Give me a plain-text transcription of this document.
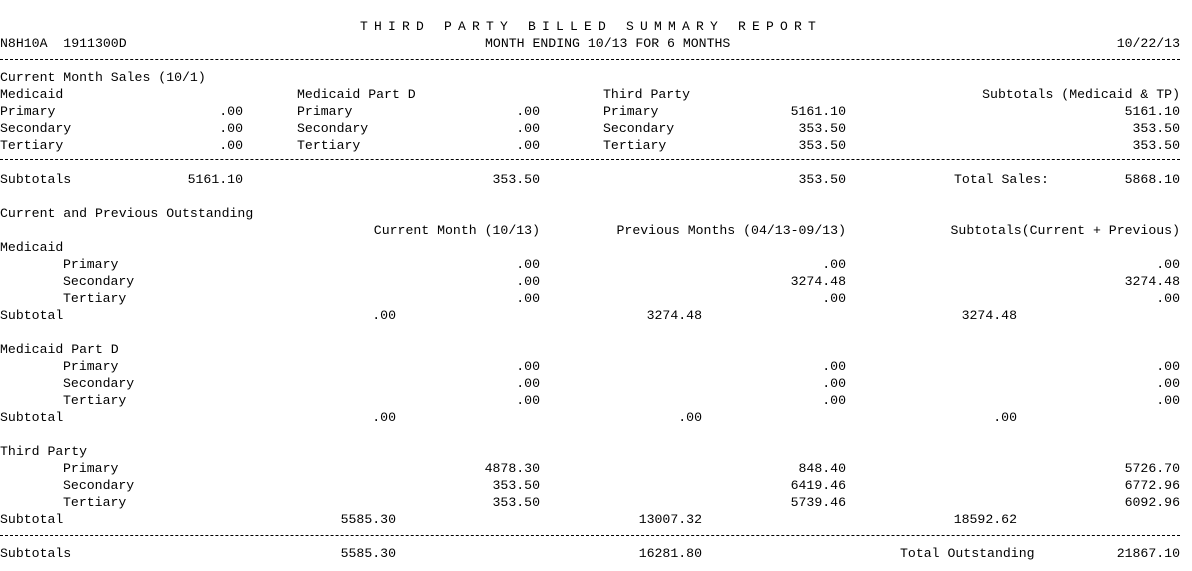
THIRD PARTY BILLED SUMMARY REPORT
N8H10A  1911300D	MONTH ENDING 10/13 FOR 6 MONTHS	10/22/13
Current Month Sales (10/1)
Medicaid	Medicaid Part D	Third Party	Subtotals (Medicaid & TP)
Primary	.00	Primary	.00	Primary	5161.10	5161.10
Secondary	.00	Secondary	.00	Secondary	353.50	353.50
Tertiary	.00	Tertiary	.00	Tertiary	353.50	353.50
Subtotals	5161.10	353.50	353.50	Total Sales:	5868.10
Current and Previous Outstanding
Current Month (10/13)	Previous Months (04/13-09/13)	Subtotals(Current + Previous)
Medicaid
Primary	.00	.00	.00
Secondary	.00	3274.48	3274.48
Tertiary	.00	.00	.00
Subtotal	.00	3274.48	3274.48
Medicaid Part D
Primary	.00	.00	.00
Secondary	.00	.00	.00
Tertiary	.00	.00	.00
Subtotal	.00	.00	.00
Third Party
Primary	4878.30	848.40	5726.70
Secondary	353.50	6419.46	6772.96
Tertiary	353.50	5739.46	6092.96
Subtotal	5585.30	13007.32	18592.62
Subtotals	5585.30	16281.80	Total Outstanding	21867.10
